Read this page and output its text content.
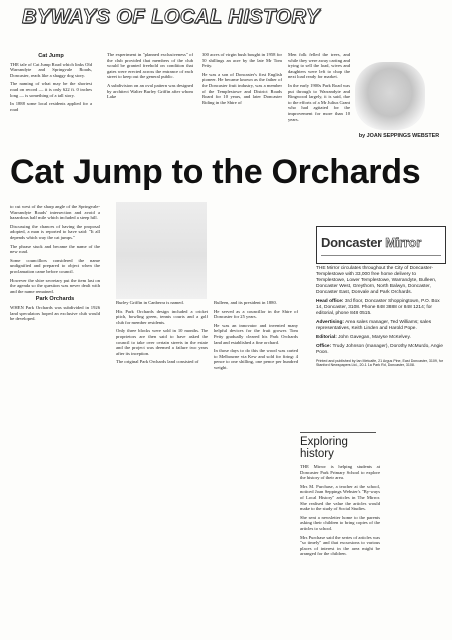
BYWAYS OF LOCAL HISTORY
Cat Jump

THE tale of Cat Jump Road which links Old Warrandyte and Springvale Roads, Doncaster, reads like a shaggy dog story.

The naming of what may be the shortest road on record — it is only 622 ft. 0 inches long — is something of a tall story.

In 1888 some local residents applied for a road

The experiment in "planned exclusiveness" of the club provided that members of the club would be granted freehold on condition that gates were erected across the entrance of each street to keep out the general public.

A subdivision on an oval pattern was designed by architect Walter Burley Griffin after whom Lake

300 acres of virgin bush bought in 1958 for 50 shillings an acre by the late Mr Tom Petty.

He was a son of Doncaster's first English pioneer. He became known as the father of the Doncaster fruit industry, was a member of the Templestowe and District Roads Board for 10 years, and later Doncaster Riding in the Shire of

Men folk felled the trees, and while they were away carting and trying to sell the load, wives and daughters were left to chop the next load ready for market.

In the early 1900s Park Road was put through to Warrandyte and Ringwood largely, it is said, due to the efforts of a Mr Julius Grant who had agitated for the improvement for more than 10 years.

by JOAN SEPPINGS WEBSTER
Cat Jump to the Orchards

to cut west of the sharp angle of the Springvale-Warrandyte Roads' intersection and avoid a hazardous half mile which included a steep hill.

Discussing the chances of having the proposal adopted, a man is reported to have said: "It all depends which way the cat jumps."

The phrase stuck and became the name of the new road.

Some councillors considered the name undignified and prepared to object when the proclamation came before council.

However the shire secretary put the item last on the agenda so the question was never dealt with and the name remained.

Park Orchards

WHEN Park Orchards was subdivided in 1926 land speculators hoped an exclusive club would be developed.

Burley Griffin in Canberra is named.

His Park Orchards design included a cricket pitch, bowling green, tennis courts and a golf club for member residents.

Only three blocks were sold in 10 months. The proprietors are then said to have asked the council to take over certain streets in the estate and the project was deemed a failure two years after its inception.

The original Park Orchards land consisted of

Bulleen, and its president in 1880.

He served as a councillor in the Shire of Doncaster for 25 years.

He was an innovator and invented many helpful devices for the fruit grower. Tom Petty gradually cleared his Park Orchards land and established a fine orchard.

In those days to do this the wood was carted to Melbourne via Kew and sold for firing: 4 pence to one shilling, one pence per hundred weight.

Doncaster Mirror

THE Mirror circulates throughout the City of Doncaster-Templestowe with 33,000 free home delivery to Templestowe, Lower Templestowe, Warrandyte, Bulleen, Doncaster West, Greythorn, North Balwyn, Doncaster, Doncaster East, Donvale and Park Orchards.

Head office: 3rd floor, Doncaster Shoppingtown, P.O. Box 14, Doncaster, 3108. Phone 848 3888 or 848 1214; for editorial, phone 848 0515.

Advertising: Area sales manager, Ted Williams; sales representatives, Keith Linden and Harold Pope.

Editorial: John Gavegan, Maryse McKelvey.

Office: Trudy Johnson (manager), Dorothy McMurdo, Angie Poon.

Printed and published by Ian Metcalfe, 21 Argus Pine, East Doncaster, 3109, for Stanford Newspapers Ltd., 20-1 1a Park Rd, Doncaster, 3108.

Exploring history

THE Mirror is helping students at Doncaster Park Primary School to explore the history of their area.

Mrs M. Purchase, a teacher at the school, noticed Joan Seppings Webster's "By-ways of Local History" articles in The Mirror. She realised the value the articles would make to the study of Social Studies.

She sent a newsletter home to the parents asking their children to bring copies of the articles to school.

Mrs Purchase said the series of articles was "so timely" and that excursions to various places of interest in the area might be arranged for the children.
